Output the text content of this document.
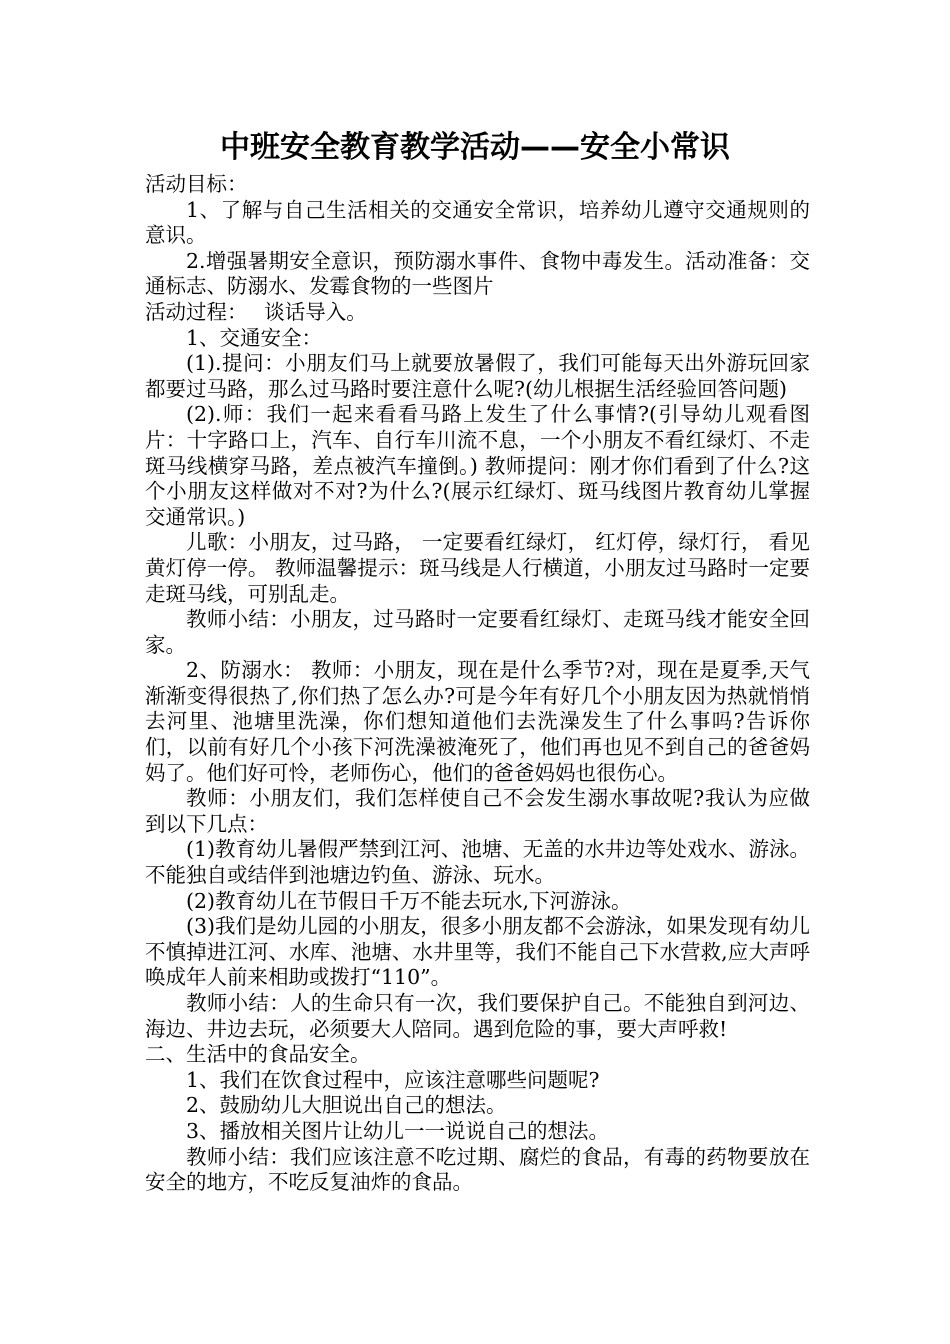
中班安全教育教学活动——安全小常识

活动目标：

1、了解与自己生活相关的交通安全常识，培养幼儿遵守交通规则的意识。

2.增强暑期安全意识，预防溺水事件、食物中毒发生。活动准备：交通标志、防溺水、发霉食物的一些图片

活动过程：　 谈话导入。

1、交通安全：

(1).提问：小朋友们马上就要放暑假了，我们可能每天出外游玩回家都要过马路，那么过马路时要注意什么呢?(幼儿根据生活经验回答问题)

(2).师：我们一起来看看马路上发生了什么事情?(引导幼儿观看图片：十字路口上，汽车、自行车川流不息，一个小朋友不看红绿灯、不走斑马线横穿马路，差点被汽车撞倒。) 教师提问：刚才你们看到了什么?这个小朋友这样做对不对?为什么?(展示红绿灯、斑马线图片教育幼儿掌握交通常识。)

儿歌：小朋友，过马路， 一定要看红绿灯， 红灯停，绿灯行， 看见黄灯停一停。 教师温馨提示：斑马线是人行横道，小朋友过马路时一定要走斑马线，可别乱走。

教师小结：小朋友，过马路时一定要看红绿灯、走斑马线才能安全回家。

2、防溺水： 教师：小朋友，现在是什么季节?对，现在是夏季,天气渐渐变得很热了,你们热了怎么办?可是今年有好几个小朋友因为热就悄悄去河里、池塘里洗澡，你们想知道他们去洗澡发生了什么事吗?告诉你们，以前有好几个小孩下河洗澡被淹死了，他们再也见不到自己的爸爸妈妈了。他们好可怜，老师伤心，他们的爸爸妈妈也很伤心。

教师：小朋友们，我们怎样使自己不会发生溺水事故呢?我认为应做到以下几点：

(1)教育幼儿暑假严禁到江河、池塘、无盖的水井边等处戏水、游泳。不能独自或结伴到池塘边钓鱼、游泳、玩水。

(2)教育幼儿在节假日千万不能去玩水,下河游泳。

(3)我们是幼儿园的小朋友，很多小朋友都不会游泳，如果发现有幼儿不慎掉进江河、水库、池塘、水井里等，我们不能自己下水营救,应大声呼唤成年人前来相助或拨打“110”。

教师小结：人的生命只有一次，我们要保护自己。不能独自到河边、海边、井边去玩，必须要大人陪同。遇到危险的事，要大声呼救!

二、生活中的食品安全。

1、我们在饮食过程中，应该注意哪些问题呢?

2、鼓励幼儿大胆说出自己的想法。

3、播放相关图片让幼儿一一说说自己的想法。

教师小结：我们应该注意不吃过期、腐烂的食品，有毒的药物要放在安全的地方，不吃反复油炸的食品。
